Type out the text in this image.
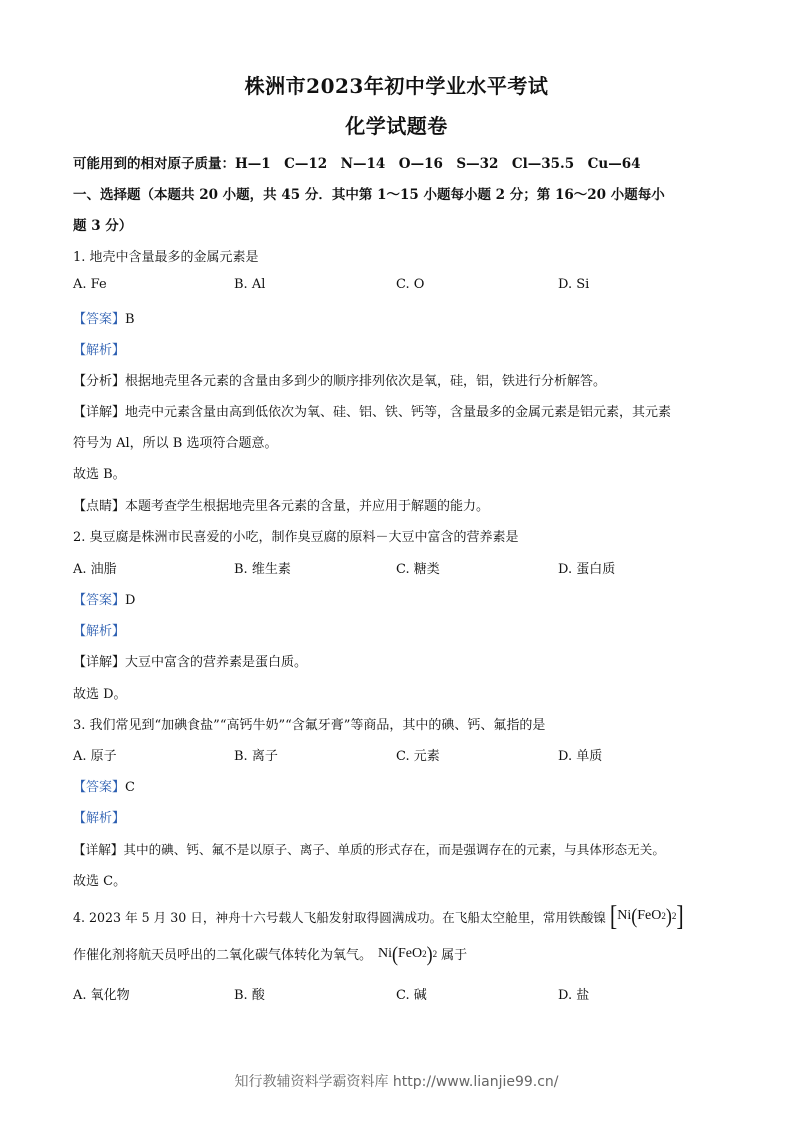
株洲市2023年初中学业水平考试
化学试题卷
可能用到的相对原子质量：H—1　C—12　N—14　O—16　S—32　Cl—35.5　Cu—64
一、选择题（本题共 20 小题，共 45 分．其中第 1～15 小题每小题 2 分；第 16～20 小题每小
题 3 分）
1. 地壳中含量最多的金属元素是
A. Fe	B. Al	C. O	D. Si
【答案】B
【解析】
【分析】根据地壳里各元素的含量由多到少的顺序排列依次是氧，硅，铝，铁进行分析解答。
【详解】地壳中元素含量由高到低依次为氧、硅、铝、铁、钙等，含量最多的金属元素是铝元素，其元素
符号为 Al，所以 B 选项符合题意。
故选 B。
【点睛】本题考查学生根据地壳里各元素的含量，并应用于解题的能力。
2. 臭豆腐是株洲市民喜爱的小吃，制作臭豆腐的原料－大豆中富含的营养素是
A. 油脂	B. 维生素	C. 糖类	D. 蛋白质
【答案】D
【解析】
【详解】大豆中富含的营养素是蛋白质。
故选 D。
3. 我们常见到“加碘食盐”“高钙牛奶”“含氟牙膏”等商品，其中的碘、钙、氟指的是
A. 原子	B. 离子	C. 元素	D. 单质
【答案】C
【解析】
【详解】其中的碘、钙、氟不是以原子、离子、单质的形式存在，而是强调存在的元素，与具体形态无关。
故选 C。
4. 2023 年 5 月 30 日，神舟十六号载人飞船发射取得圆满成功。在飞船太空舱里，常用铁酸镍 [ Ni ( FeO 2 ) 2 ]
作催化剂将航天员呼出的二氧化碳气体转化为氧气。 Ni ( FeO 2 ) 2 属于
A. 氧化物	B. 酸	C. 碱	D. 盐
知行教辅资料学霸资料库 http://www.lianjie99.cn/
